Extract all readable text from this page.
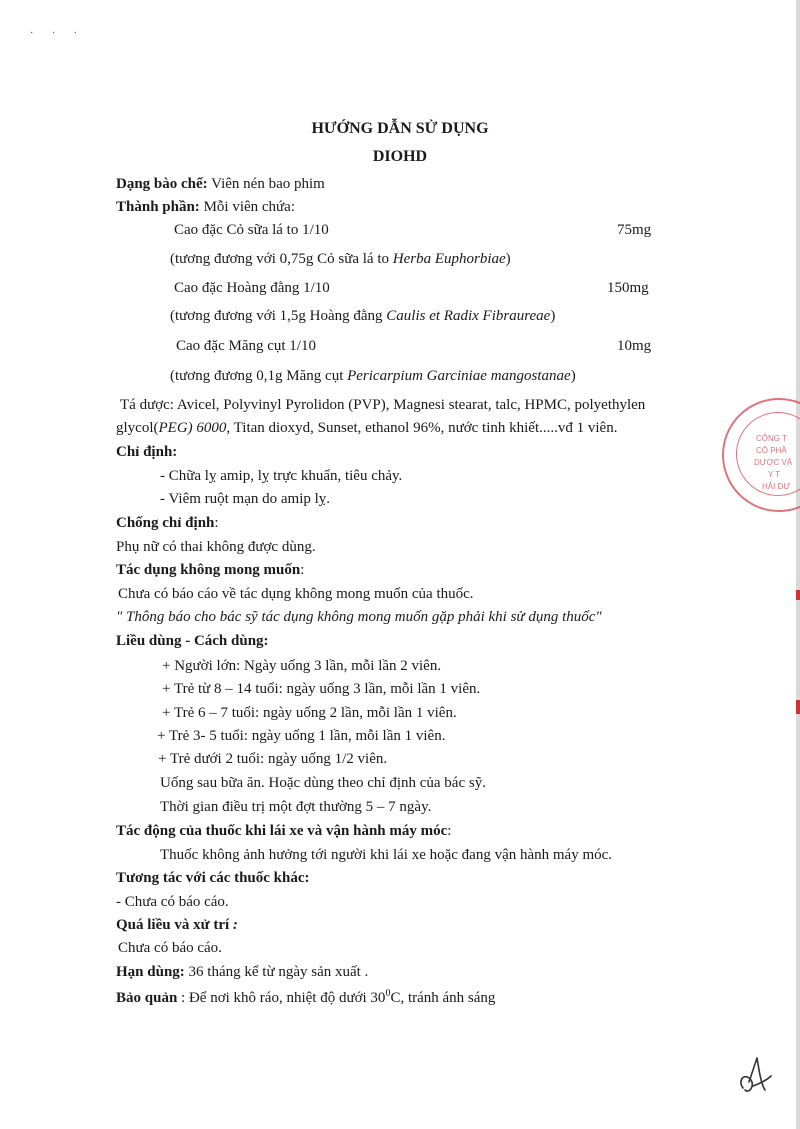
· · ·
HƯỚNG DẪN SỬ DỤNG
DIOHD
Dạng bào chế: Viên nén bao phim
Thành phần: Mỗi viên chứa:
Cao đặc Cỏ sữa lá to 1/10	75mg
(tương đương với 0,75g Cỏ sữa lá to Herba Euphorbiae)
Cao đặc Hoàng đằng 1/10	150mg
(tương đương với 1,5g Hoàng đằng Caulis et Radix Fibraureae)
Cao đặc Măng cụt 1/10	10mg
(tương đương 0,1g Măng cụt Pericarpium Garciniae mangostanae)
Tá dược: Avicel, Polyvinyl Pyrolidon (PVP), Magnesi stearat, talc, HPMC, polyethylen
glycol(PEG) 6000, Titan dioxyd, Sunset, ethanol 96%, nước tinh khiết.....vđ 1 viên.
Chỉ định:
- Chữa lỵ amip, lỵ trực khuẩn, tiêu chảy.
- Viêm ruột mạn do amip lỵ.
Chống chỉ định:
Phụ nữ có thai không được dùng.
Tác dụng không mong muốn:
Chưa có báo cáo về tác dụng không mong muốn của thuốc.
" Thông báo cho bác sỹ tác dụng không mong muốn gặp phải khi sử dụng thuốc"
Liều dùng - Cách dùng:
+ Người lớn: Ngày uống 3 lần, mỗi lần 2 viên.
+ Trẻ từ 8 – 14 tuổi: ngày uống 3 lần, mỗi lần 1 viên.
+ Trẻ 6 – 7 tuổi: ngày uống 2 lần, mỗi lần 1 viên.
+ Trẻ 3- 5 tuổi: ngày uống 1 lần, mỗi lần 1 viên.
+ Trẻ dưới 2 tuổi: ngày uống 1/2 viên.
Uống sau bữa ăn. Hoặc dùng theo chỉ định của bác sỹ.
Thời gian điều trị một đợt thường 5 – 7 ngày.
Tác động của thuốc khi lái xe và vận hành máy móc:
Thuốc không ảnh hưởng tới người khi lái xe hoặc đang vận hành máy móc.
Tương tác với các thuốc khác:
- Chưa có báo cáo.
Quá liều và xử trí :
Chưa có báo cáo.
Hạn dùng: 36 tháng kể từ ngày sản xuất .
Bảo quản : Để nơi khô ráo, nhiệt độ dưới $30^0C$, tránh ánh sáng
CÔNG T
CỔ PHẦ
DƯỢC VẬ
Y T
HẢI DƯ
